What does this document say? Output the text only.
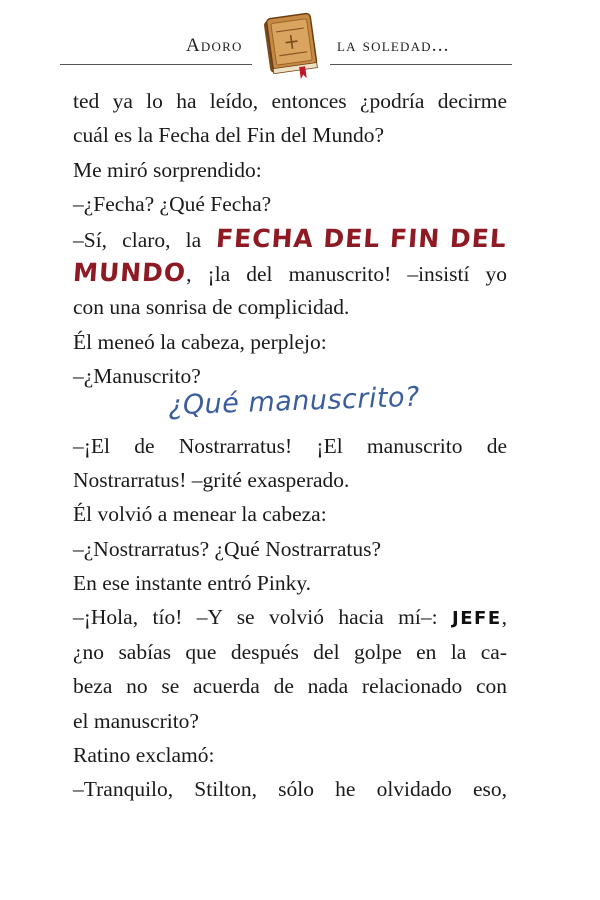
Adoro	la soledad...
ted ya lo ha leído, entonces ¿podría decirme
cuál es la Fecha del Fin del Mundo?
Me miró sorprendido:
–¿Fecha? ¿Qué Fecha?
–Sí, claro, la FECHA DEL FIN DEL
MUNDO, ¡la del manuscrito! –insistí yo
con una sonrisa de complicidad.
Él meneó la cabeza, perplejo:
–¿Manuscrito?
–¡El de Nostrarratus! ¡El manuscrito de
Nostrarratus! –grité exasperado.
Él volvió a menear la cabeza:
–¿Nostrarratus? ¿Qué Nostrarratus?
En ese instante entró Pinky.
–¡Hola, tío! –Y se volvió hacia mí–: JEFE,
¿no sabías que después del golpe en la ca-
beza no se acuerda de nada relacionado con
el manuscrito?
Ratino exclamó:
–Tranquilo, Stilton, sólo he olvidado eso,
¿Qué manuscrito?
